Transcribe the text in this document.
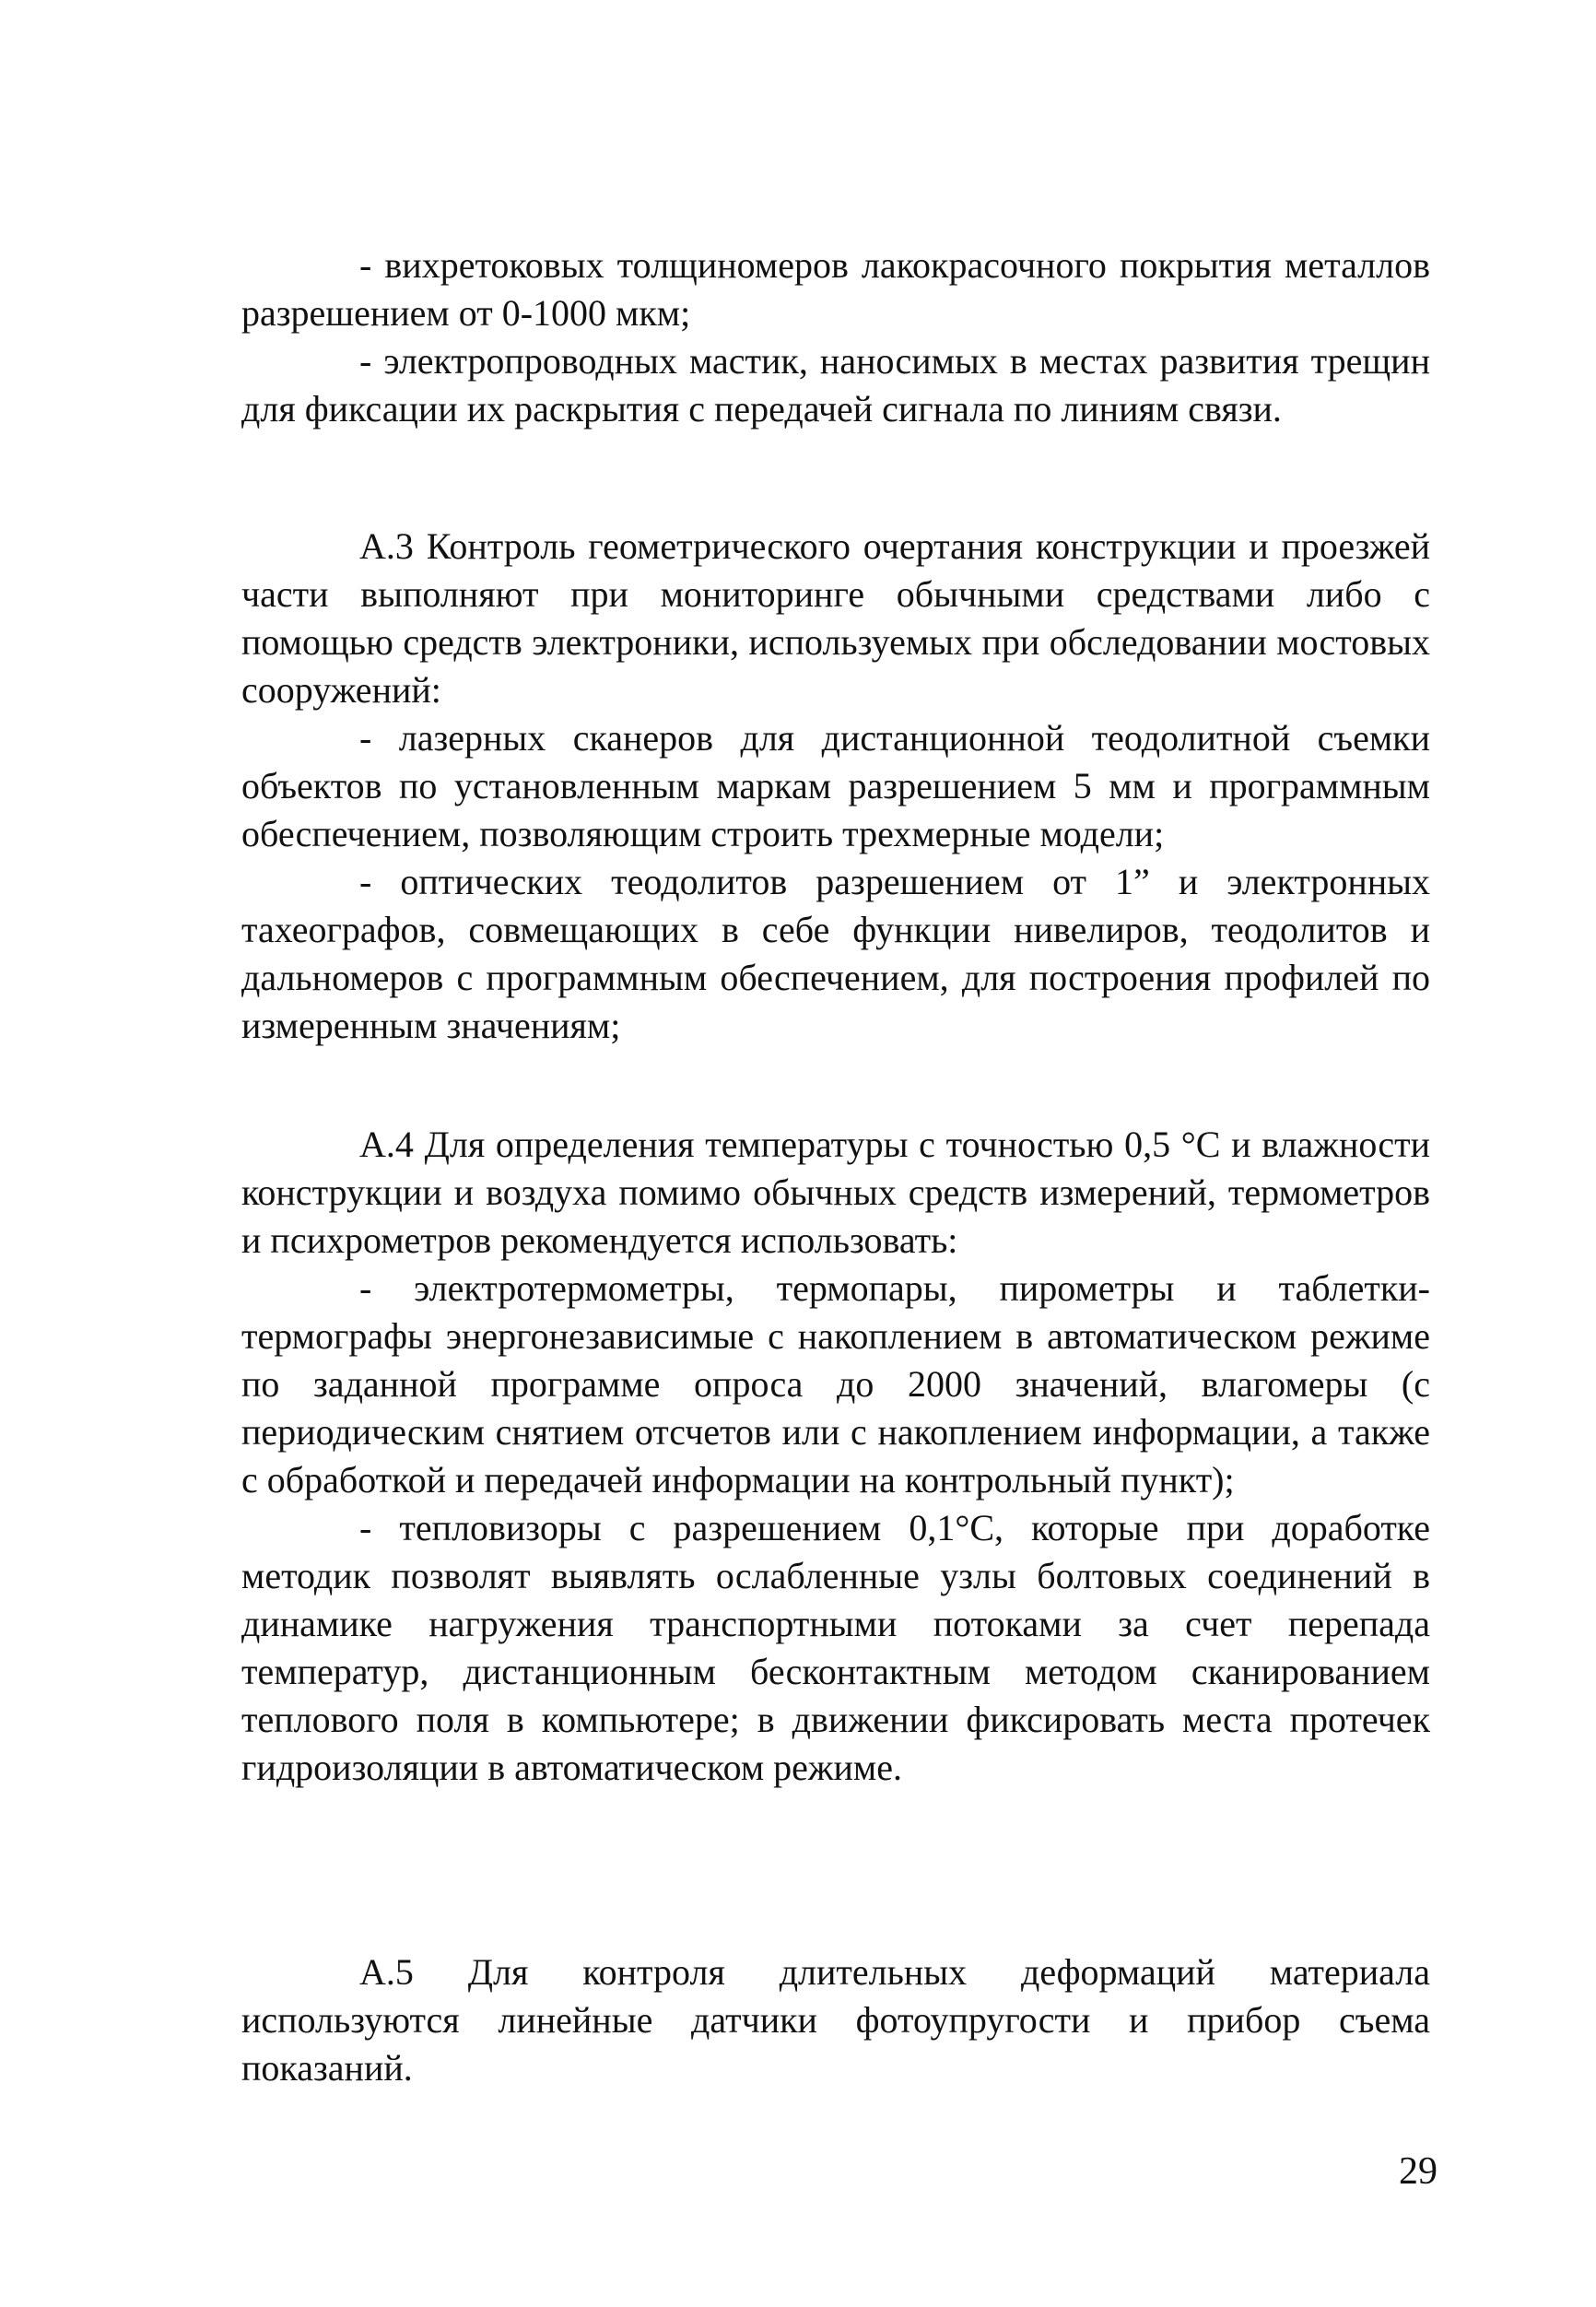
- вихретоковых толщиномеров лакокрасочного покрытия металлов разрешением от 0-1000 мкм;

- электропроводных мастик, наносимых в местах развития трещин для фиксации их раскрытия с передачей сигнала по линиям связи.

А.3 Контроль геометрического очертания конструкции и проезжей части выполняют при мониторинге обычными средствами либо с помощью средств электроники, используемых при обследовании мостовых сооружений:

- лазерных сканеров для дистанционной теодолитной съемки объектов по установленным маркам разрешением 5 мм и программным обеспечением, позволяющим строить трехмерные модели;

- оптических теодолитов разрешением от 1” и электронных тахеографов, совмещающих в себе функции нивелиров, теодолитов и дальномеров с программным обеспечением, для построения профилей по измеренным значениям;

А.4 Для определения температуры с точностью 0,5 °С и влажности конструкции и воздуха помимо обычных средств измерений, термометров и психрометров рекомендуется использовать:

- электротермометры, термопары, пирометры и таблетки-термографы энергонезависимые с накоплением в автоматическом режиме по заданной программе опроса до 2000 значений, влагомеры (с периодическим снятием отсчетов или с накоплением информации, а также с обработкой и передачей информации на контрольный пункт);

- тепловизоры с разрешением 0,1°С, которые при доработке методик позволят выявлять ослабленные узлы болтовых соединений в динамике нагружения транспортными потоками за счет перепада температур, дистанционным бесконтактным методом сканированием теплового поля в компьютере; в движении фиксировать места протечек гидроизоляции в автоматическом режиме.

А.5 Для контроля длительных деформаций материала используются линейные датчики фотоупругости и прибор съема показаний.

29
